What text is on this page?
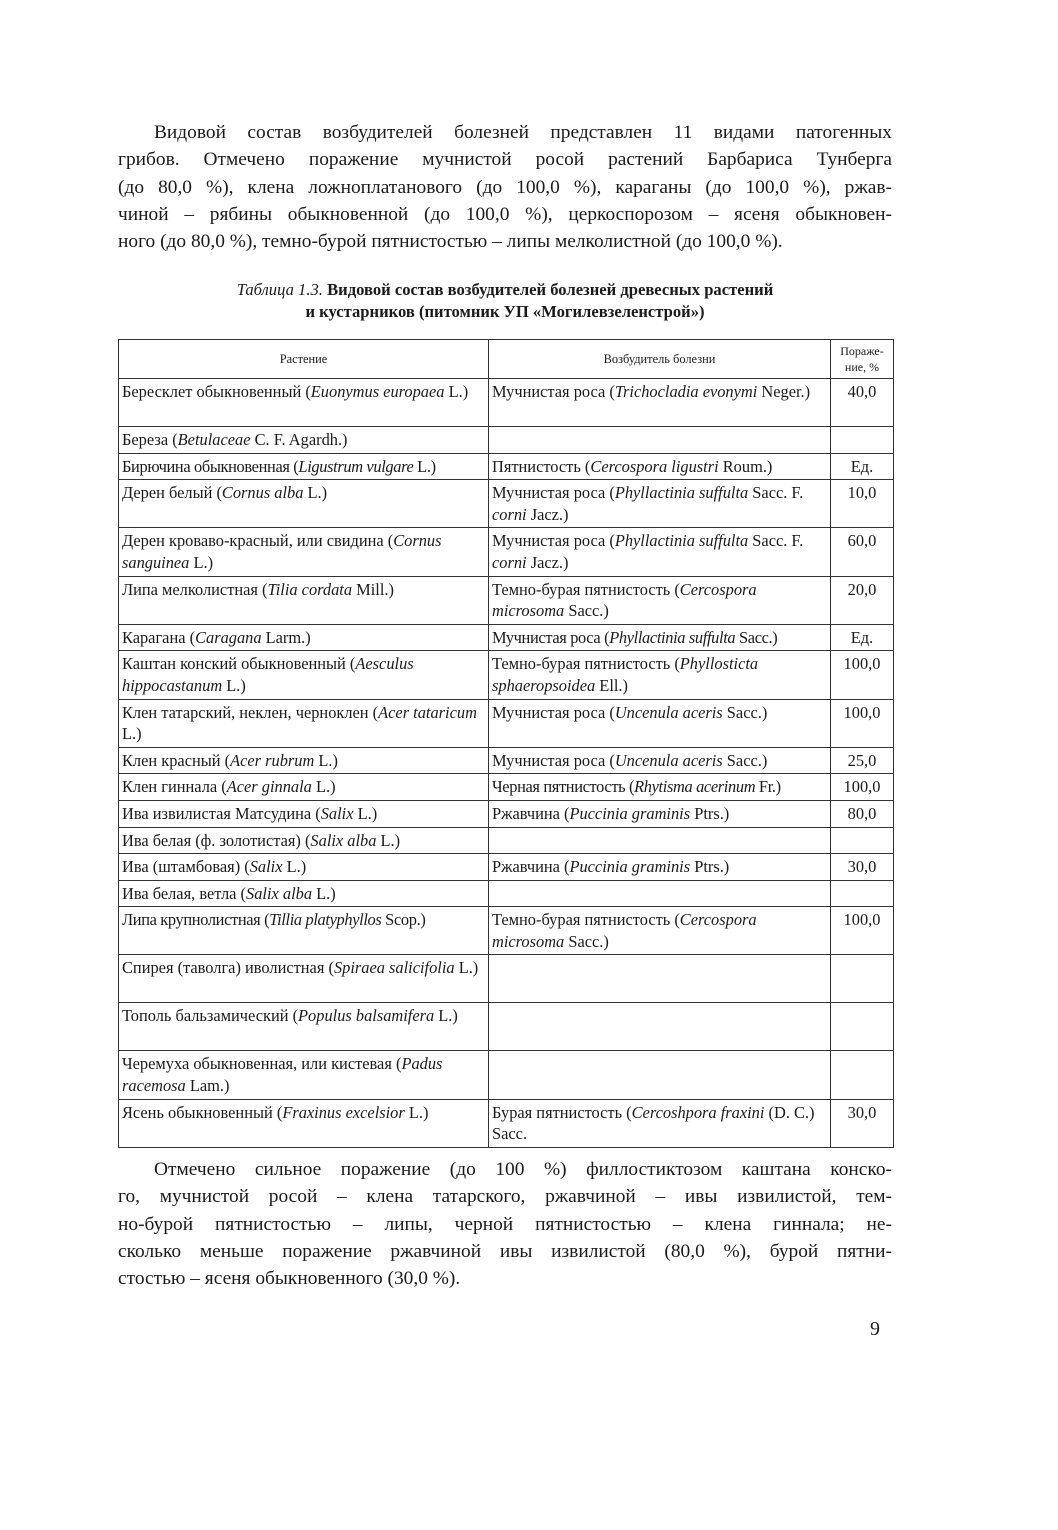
Видовой состав возбудителей болезней представлен 11 видами патогенных
грибов. Отмечено поражение мучнистой росой растений Барбариса Тунберга
(до 80,0 %), клена ложноплатанового (до 100,0 %), караганы (до 100,0 %), ржав-
чиной – рябины обыкновенной (до 100,0 %), церкоспорозом – ясеня обыкновен-
ного (до 80,0 %), темно-бурой пятнистостью – липы мелколистной (до 100,0 %).

Таблица 1.3. Видовой состав возбудителей болезней древесных растений
и кустарников (питомник УП «Могилевзеленстрой»)
Растение	Возбудитель болезни	Пораже-
ние, %
Бересклет обыкновенный (Euonymus europaea L.)	Мучнистая роса (Trichocladia evonymi Neger.)	40,0
Береза (Betulaceae C. F. Agardh.)		
Бирючина обыкновенная (Ligustrum vulgare L.)	Пятнистость (Cercospora ligustri Roum.)	Ед.
Дерен белый (Cornus alba L.)	Мучнистая роса (Phyllactinia suffulta Sacc. F. corni Jacz.)	10,0
Дерен кроваво-красный, или свидина (Cornus sanguinea L.)	Мучнистая роса (Phyllactinia suffulta Sacc. F. corni Jacz.)	60,0
Липа мелколистная (Tilia cordata Mill.)	Темно-бурая пятнистость (Cercospora microsoma Sacc.)	20,0
Карагана (Caragana Larm.)	Мучнистая роса (Phyllactinia suffulta Sacc.)	Ед.
Каштан конский обыкновенный (Aesculus hippocastanum L.)	Темно-бурая пятнистость (Phyllosticta sphaeropsoidea Ell.)	100,0
Клен татарский, неклен, черноклен (Acer tataricum L.)	Мучнистая роса (Uncenula aceris Sacc.)	100,0
Клен красный (Acer rubrum L.)	Мучнистая роса (Uncenula aceris Sacc.)	25,0
Клен гиннала (Acer ginnala L.)	Черная пятнистость (Rhytisma acerinum Fr.)	100,0
Ива извилистая Матсудина (Salix L.)	Ржавчина (Puccinia graminis Ptrs.)	80,0
Ива белая (ф. золотистая) (Salix alba L.)		
Ива (штамбовая) (Salix L.)	Ржавчина (Puccinia graminis Ptrs.)	30,0
Ива белая, ветла (Salix alba L.)		
Липа крупнолистная (Tillia platyphyllos Scop.)	Темно-бурая пятнистость (Cercospora microsoma Sacc.)	100,0
Спирея (таволга) иволистная (Spiraea salicifolia L.)		
Тополь бальзамический (Populus balsamifera L.)		
Черемуха обыкновенная, или кистевая (Padus racemosa Lam.)		
Ясень обыкновенный (Fraxinus excelsior L.)	Бурая пятнистость (Cercoshpora fraxini (D. C.) Sacc.	30,0

Отмечено сильное поражение (до 100 %) филлостиктозом каштана конско-
го, мучнистой росой – клена татарского, ржавчиной – ивы извилистой, тем-
но-бурой пятнистостью – липы, черной пятнистостью – клена гиннала; не-
сколько меньше поражение ржавчиной ивы извилистой (80,0 %), бурой пятни-
стостью – ясеня обыкновенного (30,0 %).

9
